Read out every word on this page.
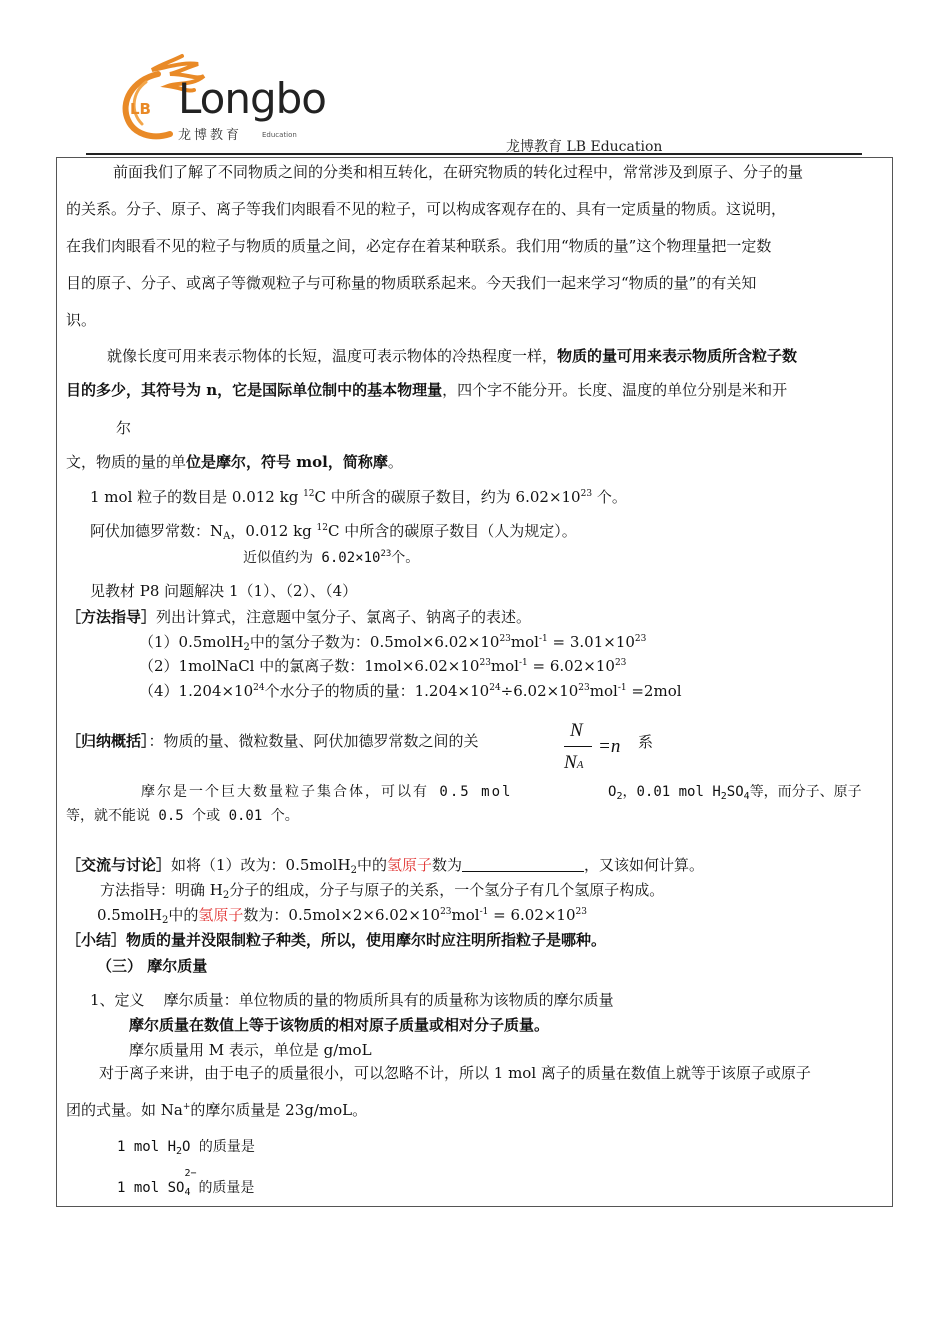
LB Longbo
龙博教育	Education
龙博教育 LB Education
前面我们了解了不同物质之间的分类和相互转化，在研究物质的转化过程中，常常涉及到原子、分子的量
的关系。分子、原子、离子等我们肉眼看不见的粒子，可以构成客观存在的、具有一定质量的物质。这说明，
在我们肉眼看不见的粒子与物质的质量之间，必定存在着某种联系。我们用“物质的量”这个物理量把一定数
目的原子、分子、或离子等微观粒子与可称量的物质联系起来。今天我们一起来学习“物质的量”的有关知
识。
就像长度可用来表示物体的长短，温度可表示物体的冷热程度一样，物质的量可用来表示物质所含粒子数
目的多少，其符号为 n，它是国际单位制中的基本物理量，四个字不能分开。长度、温度的单位分别是米和开
尔
文，物质的量的单位是摩尔，符号 mol，简称摩。
1 mol 粒子的数目是 0.012 kg $^{12}$C 中所含的碳原子数目，约为 $6.02\times 10^{23}$ 个。
阿伏加德罗常数：$N_A$，0.012 kg $^{12}$C 中所含的碳原子数目（人为规定）。
近似值约为 $6.02\times 10^{23}$个。
见教材 P8 问题解决 1（1）、（2）、（4）
［方法指导］列出计算式，注意题中氢分子、氯离子、钠离子的表述。
（1）0.5molH$_2$中的氢分子数为：$0.5mol\times 6.02\times 10^{23}mol^{-1} = 3.01\times 10^{23}$
（2）1molNaCl 中的氯离子数：$1mol\times 6.02\times 10^{23}mol^{-1} = 6.02\times 10^{23}$
$(4)1.204\times 10^{24}$个水分子的物质的量：$1.204\times 10^{24}\div 6.02\times 10^{23}mol^{-1} =2mol$
［归纳概括］：物质的量、微粒数量、阿伏加德罗常数之间的关	N
NA
=n 系
摩尔是一个巨大数量粒子集合体，可以有 0.5 mol	$O_2$，0.01 mol $H_2SO_4$等，而分子、原子
等，就不能说 0.5 个或 0.01 个。
［交流与讨论］如将（1）改为：0.5molH$_2$中的氢原子数为	，又该如何计算。
方法指导：明确 $H_2$分子的组成，分子与原子的关系，一个氢分子有几个氢原子构成。
0.5molH$_2$中的氢原子数为：$0.5mol\times 2\times 6.02\times 10^{23}mol^{-1} = 6.02\times 10^{23}$
［小结］物质的量并没限制粒子种类，所以，使用摩尔时应注明所指粒子是哪种。
（三） 摩尔质量
1、定义 摩尔质量：单位物质的量的物质所具有的质量称为该物质的摩尔质量
摩尔质量在数值上等于该物质的相对原子质量或相对分子质量。
摩尔质量用 M 表示，单位是 g/moL
对于离子来讲，由于电子的质量很小，可以忽略不计，所以 1 mol 离子的质量在数值上就等于该原子或原子
团的式量。如 Na+的摩尔质量是 23g/moL。
1 mol $H_2O$ 的质量是
1 mol SO
2−
$_4$ 的质量是
